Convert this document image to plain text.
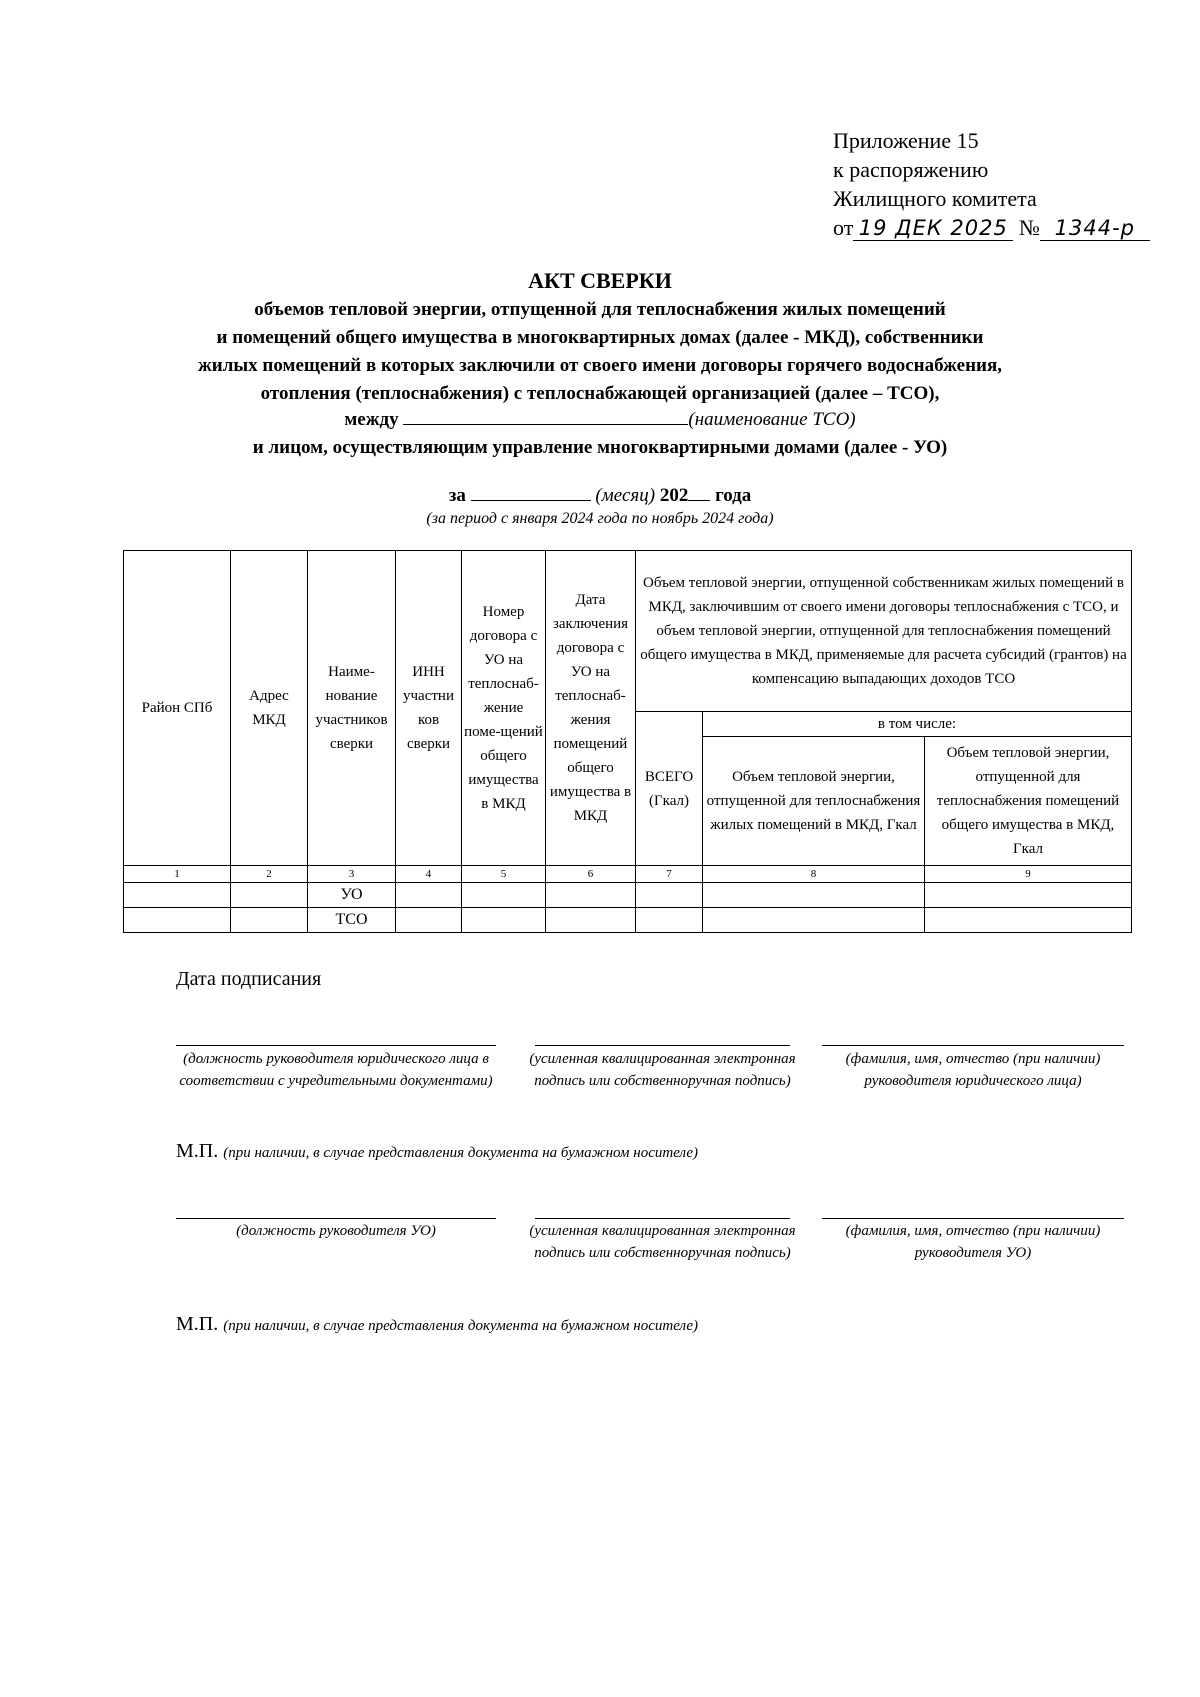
Приложение 15
к распоряжению
Жилищного комитета
от 19 ДЕК 2025 № 1344-р
АКТ СВЕРКИ
объемов тепловой энергии, отпущенной для теплоснабжения жилых помещений
и помещений общего имущества в многоквартирных домах (далее - МКД), собственники
жилых помещений в которых заключили от своего имени договоры горячего водоснабжения,
отопления (теплоснабжения) с теплоснабжающей организацией (далее – ТСО),
между	(наименование ТСО)
и лицом, осуществляющим управление многоквартирными домами (далее - УО)
за	(месяц) 202 года
(за период с января 2024 года по ноябрь 2024 года)
Район СПб	Адрес МКД	Наиме-нование участников сверки	ИНН участни ков сверки	Номер договора с УО на теплоснаб-жение поме-щений общего имущества в МКД	Дата заключения договора с УО на теплоснаб-жения помещений общего имущества в МКД	Объем тепловой энергии, отпущенной собственникам жилых помещений в МКД, заключившим от своего имени договоры теплоснабжения с ТСО, и объем тепловой энергии, отпущенной для теплоснабжения помещений общего имущества в МКД, применяемые для расчета субсидий (грантов) на компенсацию выпадающих доходов ТСО		
						ВСЕГО (Гкал)	в том числе:	
							Объем тепловой энергии, отпущенной для теплоснабжения жилых помещений в МКД, Гкал	Объем тепловой энергии, отпущенной для теплоснабжения помещений общего имущества в МКД, Гкал
1	2	3	4	5	6	7	8	9
		УО						
		ТСО						
Дата подписания
(должность руководителя юридического лица в соответствии с учредительными документами)
(усиленная квалицированная электронная подпись или собственноручная подпись)
(фамилия, имя, отчество (при наличии) руководителя юридического лица)
М.П. (при наличии, в случае представления документа на бумажном носителе)
(должность руководителя УО)	(усиленная квалицированная электронная подпись или собственноручная подпись)
(фамилия, имя, отчество (при наличии) руководителя УО)
М.П. (при наличии, в случае представления документа на бумажном носителе)
